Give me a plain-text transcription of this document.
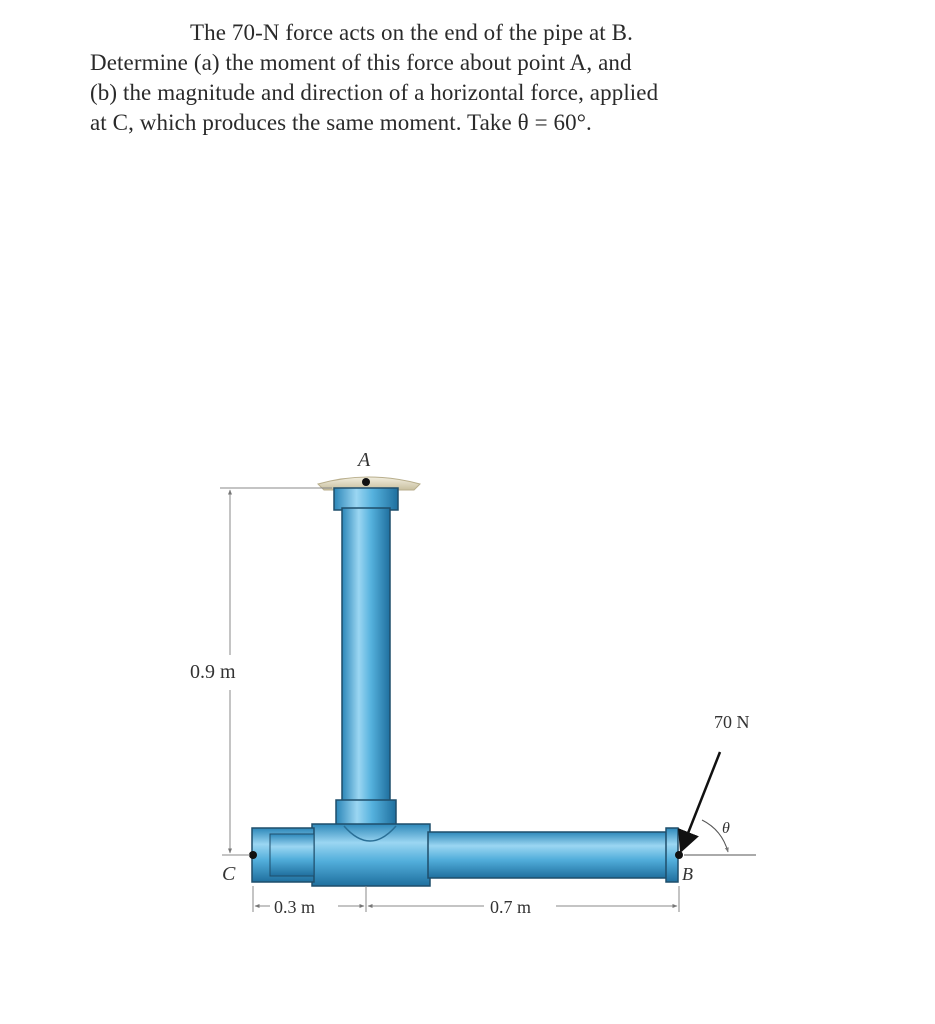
The 70-N force acts on the end of the pipe at B.
Determine (a) the moment of this force about point A, and
(b) the magnitude and direction of a horizontal force, applied
at C, which produces the same moment. Take θ = 60°.
A
C	B
θ
70 N
0.9 m
0.3 m	0.7 m
